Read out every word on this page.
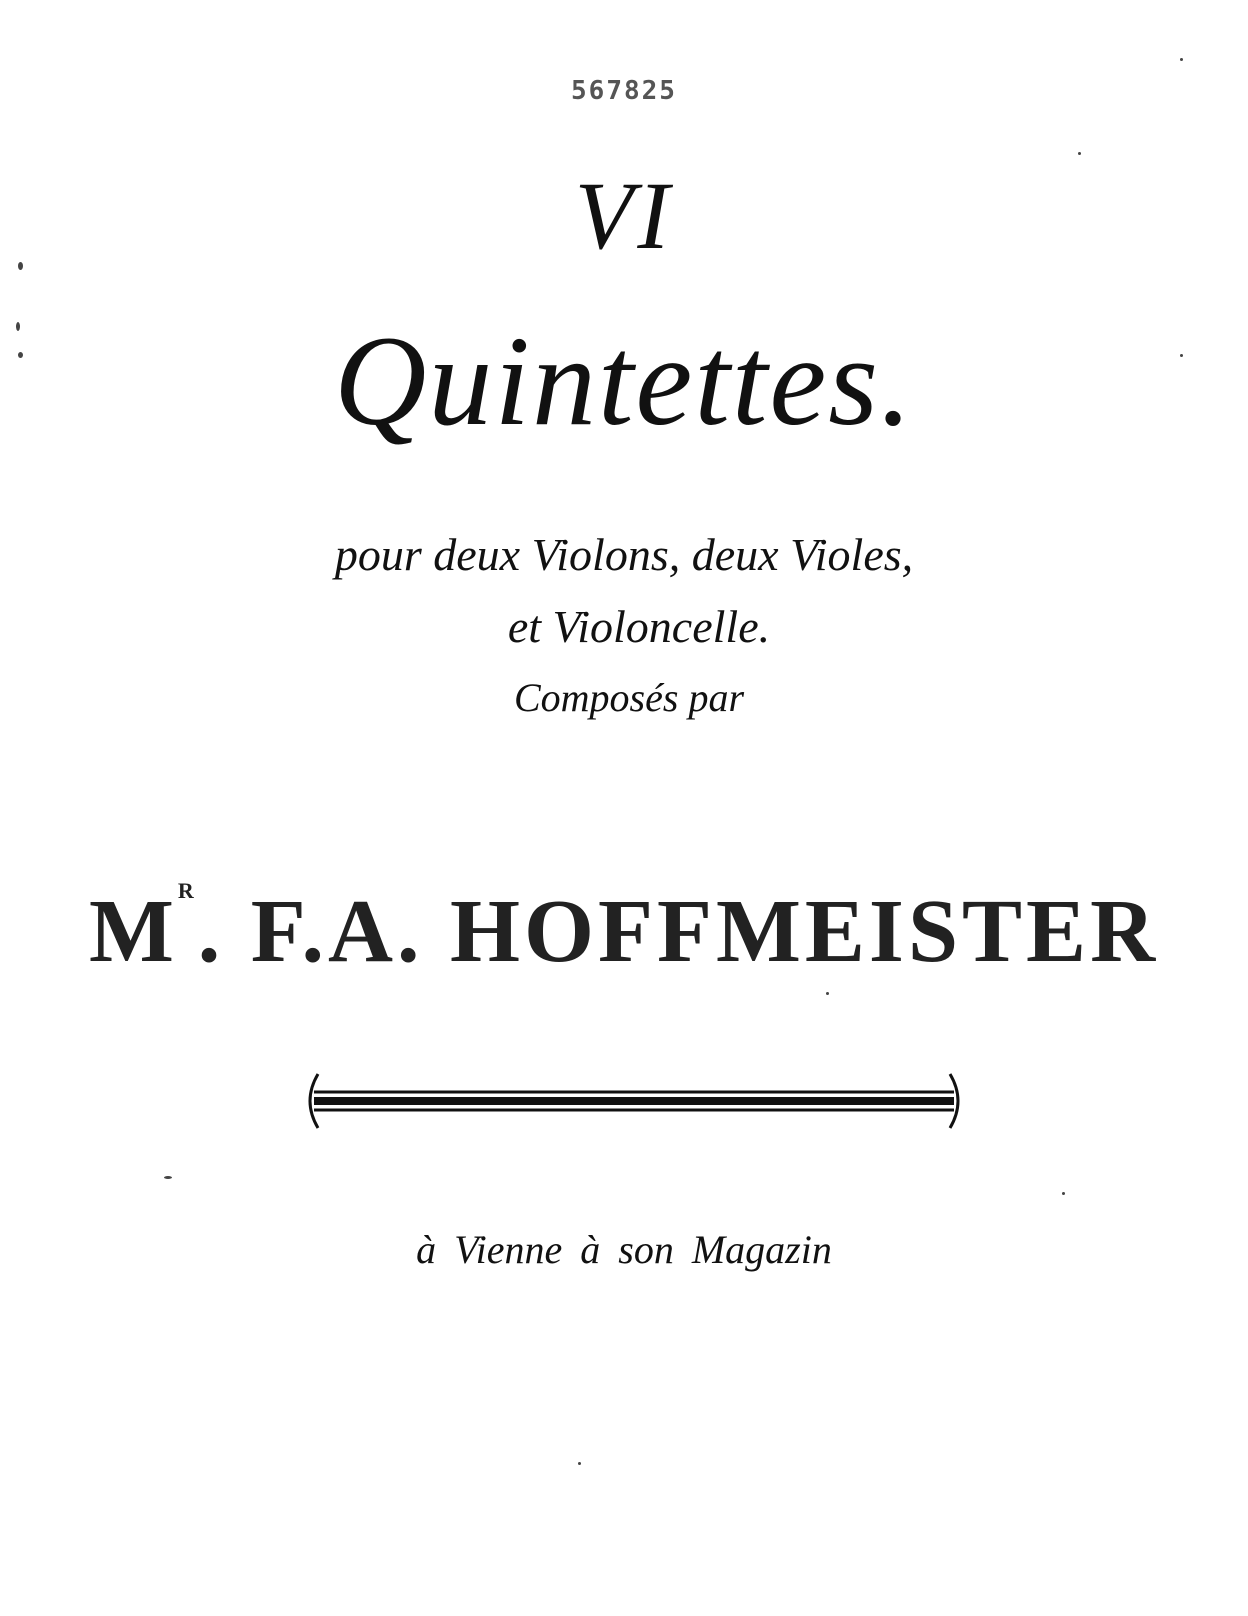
567825
VI
Quintettes.
pour deux Violons, deux Violes,
et Violoncelle.
Composés par
$M^R$. F.A. HOFFMEISTER
à Vienne à son Magazin
